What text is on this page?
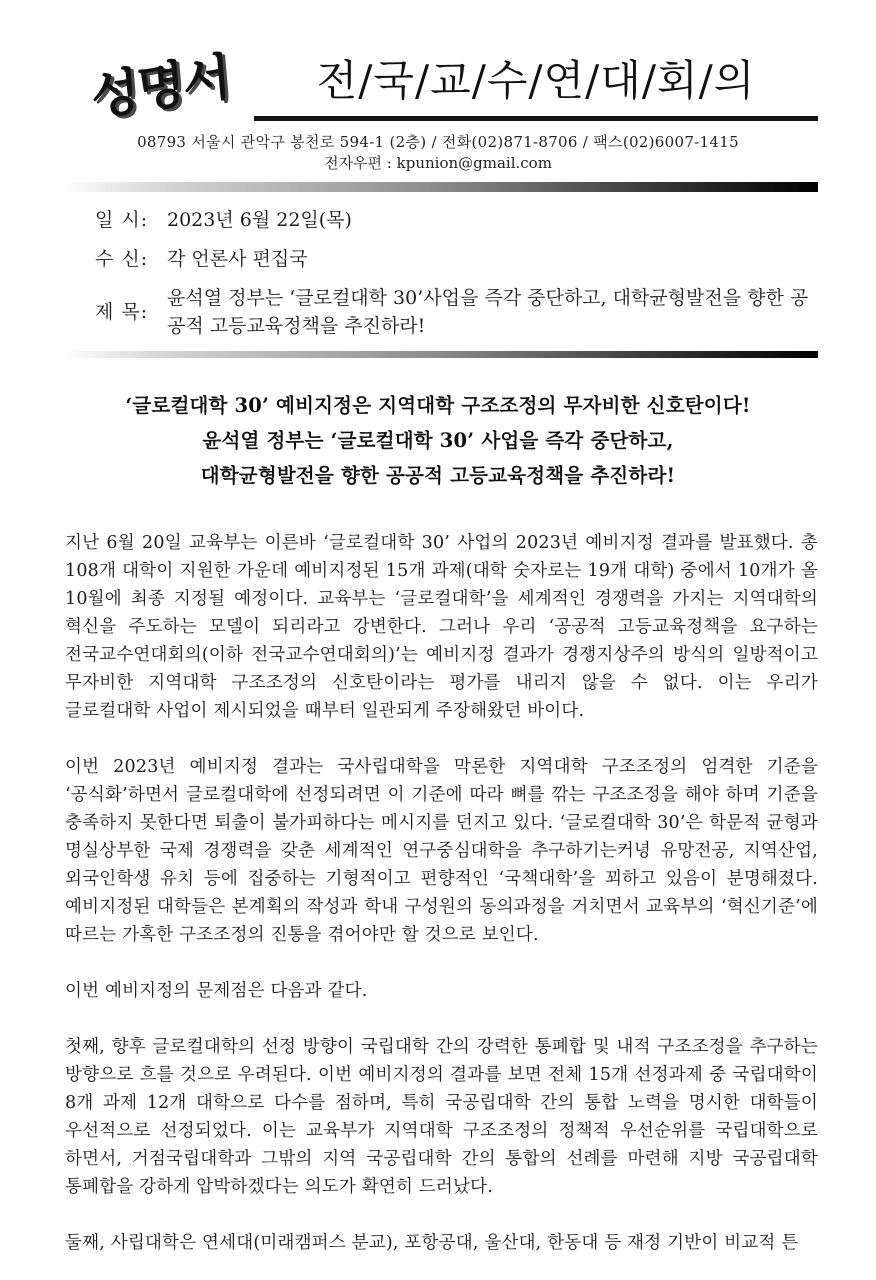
성명서	전/국/교/수/연/대/회/의
08793 서울시 관악구 봉천로 594-1 (2층) / 전화(02)871-8706 / 팩스(02)6007-1415
전자우편 : kpunion@gmail.com
일 시: 2023년 6월 22일(목)
수 신: 각 언론사 편집국
제 목:
윤석열 정부는 ‘글로컬대학 30’사업을 즉각 중단하고, 대학균형발전을 향한 공공적 고등교육정책을 추진하라!
‘글로컬대학 30’ 예비지정은 지역대학 구조조정의 무자비한 신호탄이다!
윤석열 정부는 ‘글로컬대학 30’ 사업을 즉각 중단하고,
대학균형발전을 향한 공공적 고등교육정책을 추진하라!

지난 6월 20일 교육부는 이른바 ‘글로컬대학 30’ 사업의 2023년 예비지정 결과를 발표했다. 총 108개 대학이 지원한 가운데 예비지정된 15개 과제(대학 숫자로는 19개 대학) 중에서 10개가 올 10월에 최종 지정될 예정이다. 교육부는 ‘글로컬대학’을 세계적인 경쟁력을 가지는 지역대학의 혁신을 주도하는 모델이 되리라고 강변한다. 그러나 우리 ‘공공적 고등교육정책을 요구하는 전국교수연대회의(이하 전국교수연대회의)’는 예비지정 결과가 경쟁지상주의 방식의 일방적이고 무자비한 지역대학 구조조정의 신호탄이라는 평가를 내리지 않을 수 없다. 이는 우리가 글로컬대학 사업이 제시되었을 때부터 일관되게 주장해왔던 바이다.

이번 2023년 예비지정 결과는 국사립대학을 막론한 지역대학 구조조정의 엄격한 기준을 ‘공식화’하면서 글로컬대학에 선정되려면 이 기준에 따라 뼈를 깎는 구조조정을 해야 하며 기준을 충족하지 못한다면 퇴출이 불가피하다는 메시지를 던지고 있다. ‘글로컬대학 30’은 학문적 균형과 명실상부한 국제 경쟁력을 갖춘 세계적인 연구중심대학을 추구하기는커녕 유망전공, 지역산업, 외국인학생 유치 등에 집중하는 기형적이고 편향적인 ‘국책대학’을 꾀하고 있음이 분명해졌다. 예비지정된 대학들은 본계획의 작성과 학내 구성원의 동의과정을 거치면서 교육부의 ‘혁신기준’에 따르는 가혹한 구조조정의 진통을 겪어야만 할 것으로 보인다.

이번 예비지정의 문제점은 다음과 같다.

첫째, 향후 글로컬대학의 선정 방향이 국립대학 간의 강력한 통폐합 및 내적 구조조정을 추구하는 방향으로 흐를 것으로 우려된다. 이번 예비지정의 결과를 보면 전체 15개 선정과제 중 국립대학이 8개 과제 12개 대학으로 다수를 점하며, 특히 국공립대학 간의 통합 노력을 명시한 대학들이 우선적으로 선정되었다. 이는 교육부가 지역대학 구조조정의 정책적 우선순위를 국립대학으로 하면서, 거점국립대학과 그밖의 지역 국공립대학 간의 통합의 선례를 마련해 지방 국공립대학 통폐합을 강하게 압박하겠다는 의도가 확연히 드러났다.

둘째, 사립대학은 연세대(미래캠퍼스 분교), 포항공대, 울산대, 한동대 등 재정 기반이 비교적 튼
